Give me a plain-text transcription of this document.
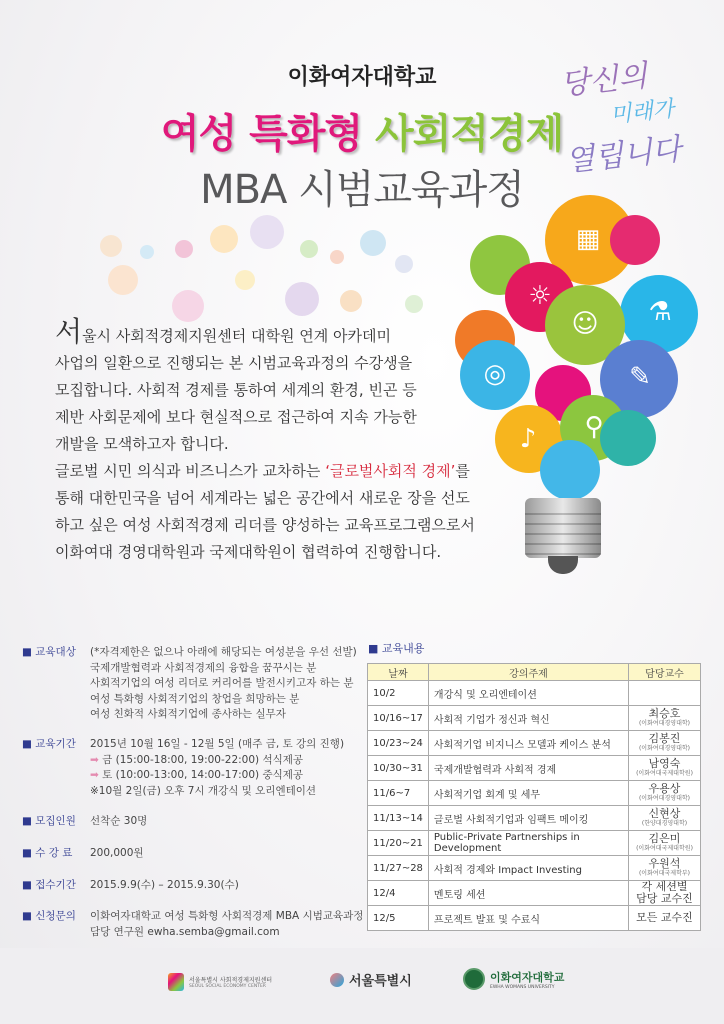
이화여자대학교
여성 특화형 사회적경제
MBA 시범교육과정
당신의
미래가
열립니다
▦
☼
⚗
☺
◎	✎
♪	⚲
서울시 사회적경제지원센터 대학원 연계 아카데미
사업의 일환으로 진행되는 본 시범교육과정의 수강생을
모집합니다. 사회적 경제를 통하여 세계의 환경, 빈곤 등
제반 사회문제에 보다 현실적으로 접근하여 지속 가능한
개발을 모색하고자 합니다.
글로벌 시민 의식과 비즈니스가 교차하는 ‘글로벌사회적 경제’를
통해 대한민국을 넘어 세계라는 넓은 공간에서 새로운 장을 선도
하고 싶은 여성 사회적경제 리더를 양성하는 교육프로그램으로서
이화여대 경영대학원과 국제대학원이 협력하여 진행합니다.
■ 교육대상	(*자격제한은 없으나 아래에 해당되는 여성분을 우선 선발)
국제개발협력과 사회적경제의 융합을 꿈꾸시는 분
사회적기업의 여성 리더로 커리어를 발전시키고자 하는 분
여성 특화형 사회적기업의 창업을 희망하는 분
여성 친화적 사회적기업에 종사하는 실무자
■ 교육기간	2015년 10월 16일 - 12월 5일 (매주 금, 토 강의 진행)
➡ 금 (15:00-18:00, 19:00-22:00) 석식제공
➡ 토 (10:00-13:00, 14:00-17:00) 중식제공
※10월 2일(금) 오후 7시 개강식 및 오리엔테이션
■ 모집인원	선착순 30명
■ 수 강 료	200,000원
■ 접수기간	2015.9.9(수) – 2015.9.30(수)
■ 신청문의	이화여자대학교 여성 특화형 사회적경제 MBA 시범교육과정
담당 연구원 ewha.semba@gmail.com
■ 교육내용
날짜	강의주제	담당교수
10/2	개강식 및 오리엔테이션	

10/16~17	사회적 기업가 정신과 혁신	최승호
(이화여대경영대학)

10/23~24	사회적기업 비지니스 모델과 케이스 분석	김봉진
(이화여대경영대학)

10/30~31	국제개발협력과 사회적 경제	남영숙
(이화여대국제대학원)

11/6~7	사회적기업 회계 및 세무	우용상
(이화여대경영대학)

11/13~14	글로벌 사회적기업과 임팩트 메이킹	신현상
(한양대경영대학)

11/20~21	Public-Private Partnerships in Development	김은미
(이화여대국제대학원)

11/27~28	사회적 경제와 Impact Investing	우원석
(이화여대국제학부)

12/4	멘토링 세션	각 세션별
담당 교수진

12/5	프로젝트 발표 및 수료식	모든 교수진
서울특별시 사회적경제지원센터
SEOUL SOCIAL ECONOMY CENTER	서울특별시	이화여자대학교
EWHA WOMANS UNIVERSITY
